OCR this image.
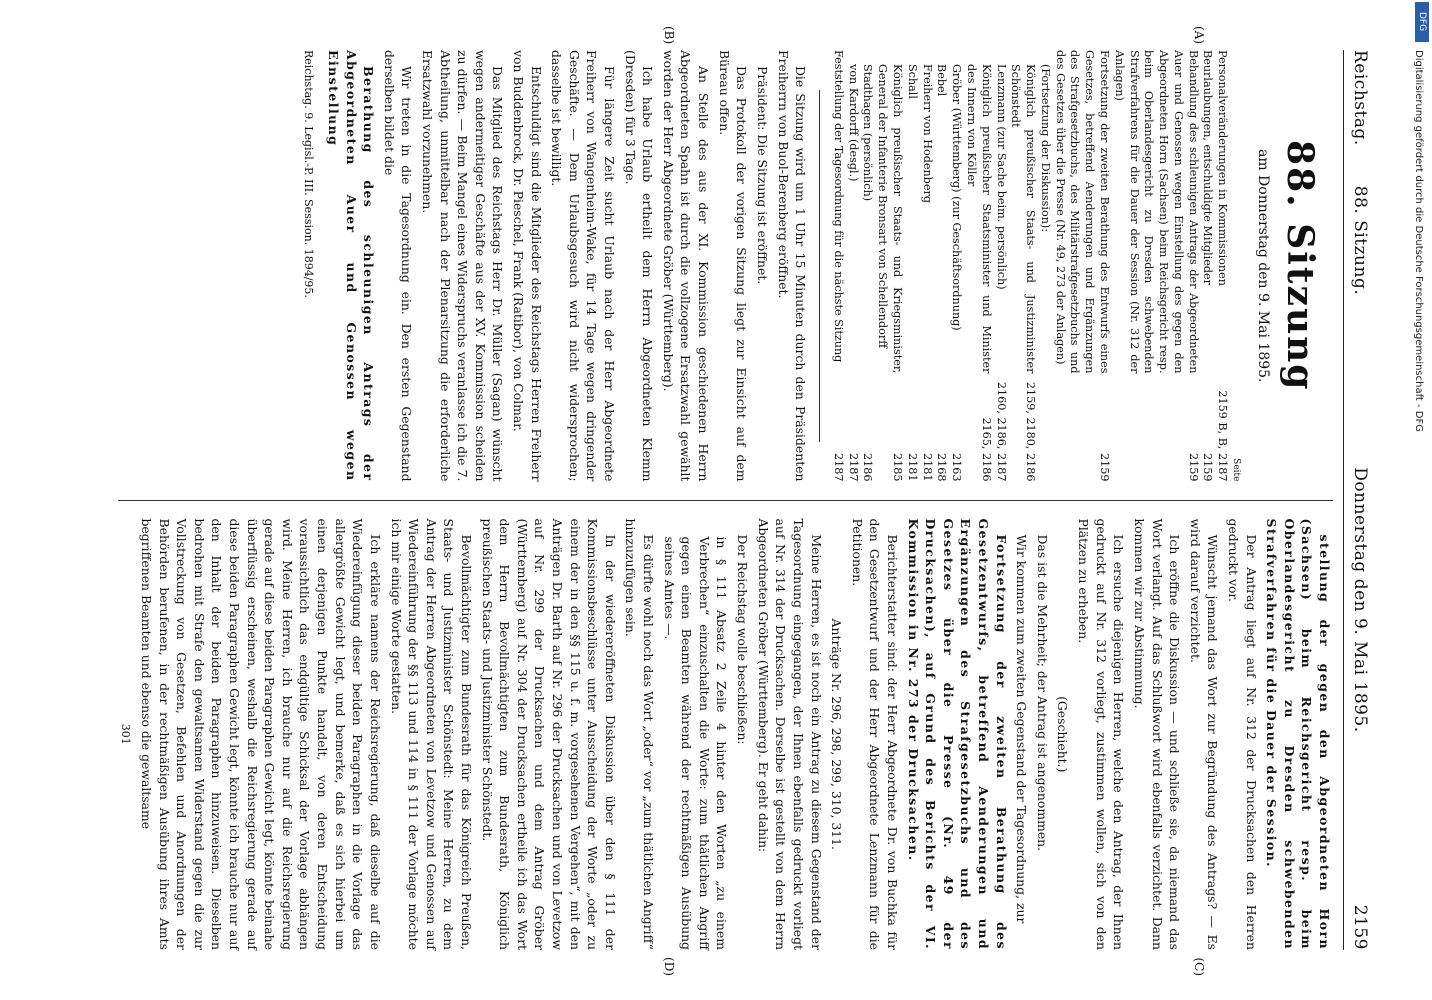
Reichstag.
88. Sitzung.
Donnerstag den 9. Mai 1895.
2159
88. Sitzung
am Donnerstag den 9. Mai 1895.
Seite
Personalveränderungen in Kommissionen
2159 B, B, 2187
Beurlaubungen, entschuldigte Mitglieder
2159
Behandlung des schleunigen Antrags der Abgeordneten Auer und Genossen wegen Einstellung des gegen den Abgeordneten Horn (Sachsen) beim Reichsgericht resp. beim Oberlandesgericht zu Dresden schwebenden Strafverfahrens für die Dauer der Session (Nr. 312 der Anlagen)
2159
Fortsetzung der zweiten Berathung des Entwurfs eines Gesetzes, betreffend Aenderungen und Ergänzungen des Strafgesetzbuchs, des Militärstrafgesetzbuchs und des Gesetzes über die Presse (Nr. 49, 273 der Anlagen)
2159
(Fortsetzung der Diskussion):
Königlich preußischer Staats- und Justizminister Schönstedt
2159, 2180, 2186
Lenzmann (zur Sache beim. persönlich)
2160, 2186, 2187
Königlich preußischer Staatsminister und Minister des Innern von Köller
2165, 2186
Gröber (Württemberg) (zur Geschäftsordnung)
2163
Bebel
2168
Freiherr von Hodenberg
2181
Schall
2181
Königlich preußischer Staats- und Kriegsminister, General der Infanterie Bronsart von Schellendorff
2185
Stadthagen (persönlich)
2186
von Kardorff (desgl.)
2187
Feststellung der Tagesordnung für die nächste Sitzung
2187

Die Sitzung wird um 1 Uhr 15 Minuten durch den Präsidenten Freiherrn von Buol-Berenberg eröffnet.

Präsident: Die Sitzung ist eröffnet.

Das Protokoll der vorigen Sitzung liegt zur Einsicht auf dem Büreau offen.

An Stelle des aus der XI. Kommission geschiedenen Herrn Abgeordneten Spahn ist durch die vollzogene Ersatzwahl gewählt worden der Herr Abgeordnete Gröber (Württemberg).

Ich habe Urlaub ertheilt dem Herrn Abgeordneten Klemm (Dresden) für 3 Tage.

Für längere Zeit sucht Urlaub nach der Herr Abgeordnete Freiherr von Wangenheim-Wake, für 14 Tage wegen dringender Geschäfte. — Dem Urlaubsgesuch wird nicht widersprochen; dasselbe ist bewilligt.

Entschuldigt sind die Mitglieder des Reichstags Herren Freiherr von Buddenbrock, Dr. Pieschel, Frank (Ratibor), von Colmar.

Das Mitglied des Reichstags Herr Dr. Müller (Sagan) wünscht wegen andermeitiger Geschäfte aus der XV. Kommission scheiden zu dürfen. — Beim Mangel eines Widerspruchs veranlasse ich die 7. Abtheilung, unmittelbar nach der Plenarsitzung die erforderliche Ersatzwahl vorzunehmen.

Wir treten in die Tagesordnung ein. Den ersten Gegenstand derselben bildet die

Berathung des schleunigen Antrags der Abgeordneten Auer und Genossen wegen Einstellung

Reichstag. 9. Legisl.-P. III. Session. 1894/95.

stellung der gegen den Abgeordneten Horn (Sachsen) beim Reichsgericht resp. beim Oberlandesgericht zu Dresden schwebenden Strafverfahren für die Dauer der Session.

Der Antrag liegt auf Nr. 312 der Drucksachen den Herren gedruckt vor.

Wünscht jemand das Wort zur Begründung des Antrags? — Es wird darauf verzichtet.

Ich eröffne die Diskussion — und schließe sie, da niemand das Wort verlangt. Auf das Schlußwort wird ebenfalls verzichtet. Dann kommen wir zur Abstimmung.

Ich ersuche diejenigen Herren, welche den Antrag, der Ihnen gedruckt auf Nr. 312 vorliegt, zustimmen wollen, sich von den Plätzen zu erheben.

(Geschieht.)

Das ist die Mehrheit; der Antrag ist angenommen.

Wir kommen zum zweiten Gegenstand der Tagesordnung, zur

Fortsetzung der zweiten Berathung des Gesetzentwurfs, betreffend Aenderungen und Ergänzungen des Strafgesetzbuchs und des Gesetzes über die Presse (Nr. 49 der Drucksachen), auf Grund des Berichts der VI. Kommission in Nr. 273 der Drucksachen.

Berichterstatter sind: der Herr Abgeordnete Dr. von Buchka für den Gesetzentwurf und der Herr Abgeordnete Lenzmann für die Petitionen.

Anträge Nr. 296, 298, 299, 310, 311.

Meine Herren, es ist noch ein Antrag zu diesem Gegenstand der Tagesordnung eingegangen, der Ihnen ebenfalls gedruckt vorliegt auf Nr. 314 der Drucksachen. Derselbe ist gestellt von dem Herrn Abgeordneten Gröber (Württemberg). Er geht dahin:

Der Reichstag wolle beschließen:

in § 111 Absatz 2 Zeile 4 hinter den Worten „zu einem Verbrechen“ einzuschalten die Worte: zum thätlichen Angriff gegen einen Beamten während der rechtmäßigen Ausübung seines Amtes —.

Es dürfte wohl noch das Wort „oder“ vor „zum thätlichen Angriff“ hinzuzufügen sein.

In der wiedereröffneten Diskussion über den § 111 der Kommissionsbeschlüsse unter Ausscheidung der Worte „oder zu einem der in den §§ 115 u. f. m. vorgesehenen Vergehen“, mit den Anträgen Dr. Barth auf Nr. 296 der Drucksachen und von Levetzow auf Nr. 299 der Drucksachen und dem Antrag Gröber (Württemberg) auf Nr. 304 der Drucksachen ertheile ich das Wort dem Herrn Bevollmächtigten zum Bundesrath, Königlich preußischen Staats- und Justizminister Schönstedt.

Bevollmächtigter zum Bundesrath für das Königreich Preußen, Staats- und Justizminister Schönstedt: Meine Herren, zu dem Antrag der Herren Abgeordneten von Levetzow und Genossen auf Wiedereinführung der §§ 113 und 114 in § 111 der Vorlage möchte ich mir einige Worte gestatten.

Ich erkläre namens der Reichsregierung, daß dieselbe auf die Wiedereinfügung dieser beiden Paragraphen in die Vorlage das allergrößte Gewicht legt, und bemerke, daß es sich hierbei um einen derjenigen Punkte handelt, von deren Entscheidung voraussichtlich das endgültige Schicksal der Vorlage abhängen wird. Meine Herren, ich brauche nur auf die Reichsregierung gerade auf diese beiden Paragraphen Gewicht legt, könnte beinahe überflüssig erscheinen, weshalb die Reichsregierung gerade auf diese beiden Paragraphen Gewicht legt, könnte ich brauche nur auf den Inhalt der beiden Paragraphen hinzuweisen. Dieselben bedrohen mit Strafe den gewaltsamen Widerstand gegen die zur Vollstreckung von Gesetzen, Befehlen und Anordnungen der Behörden berufenen, in der rechtmäßigen Ausübung ihres Amts begriffenen Beamten und ebenso die gewaltsame

301
(A)
(B)
(C)
(D)
Digitalisierung gefördert durch die Deutsche Forschungsgemeinschaft - DFG
DFG
